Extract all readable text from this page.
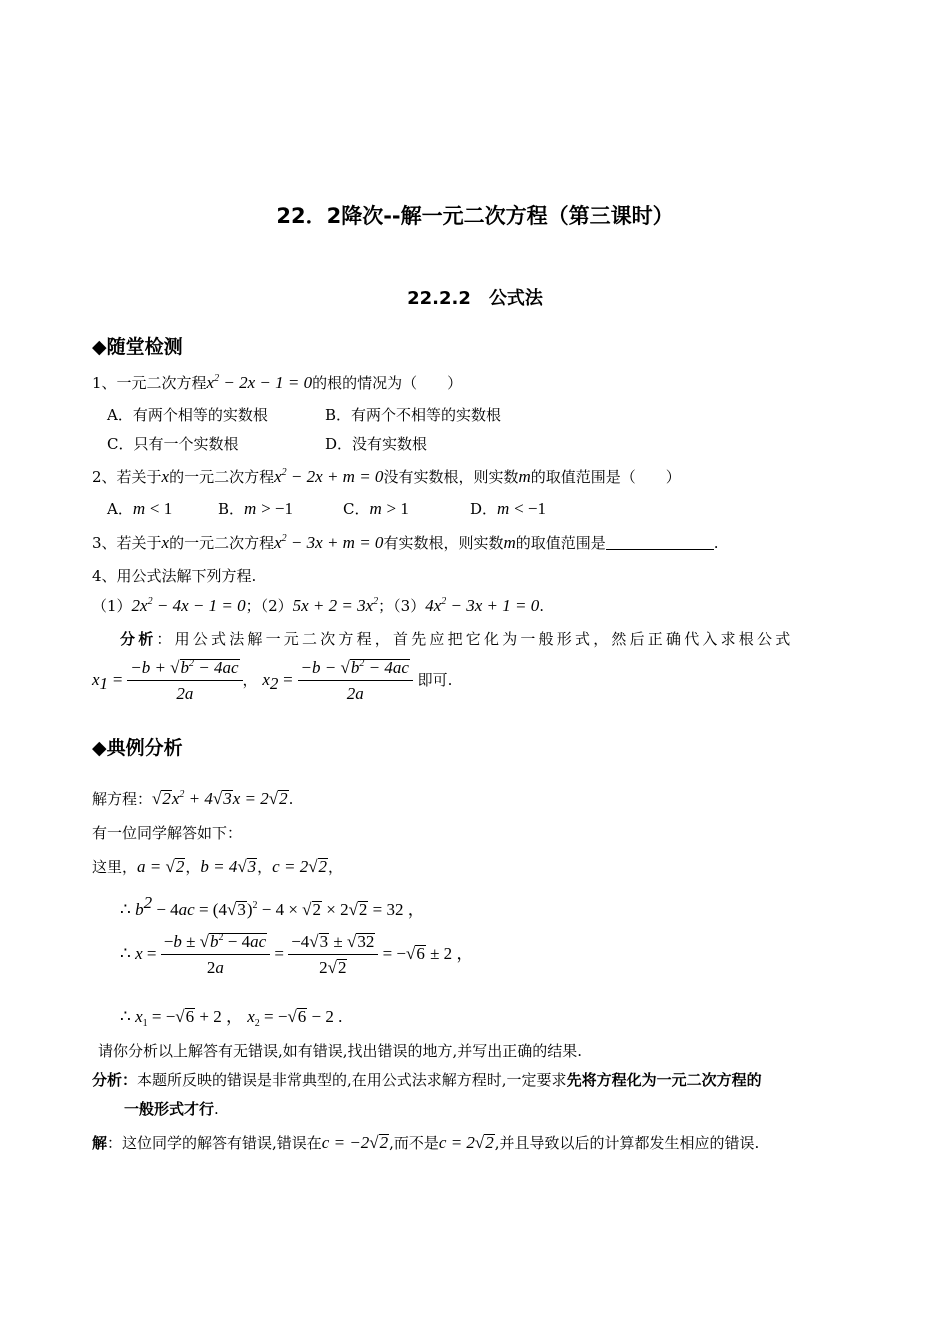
22．2降次--解一元二次方程（第三课时）
22.2.2　公式法
◆随堂检测
1、一元二次方程$x^2 - 2x - 1 = 0$的根的情况为（　　）
A．有两个相等的实数根	B．有两个不相等的实数根
C．只有一个实数根	D．没有实数根
2、若关于x的一元二次方程$x^2 - 2x + m = 0$没有实数根，则实数m的取值范围是（　　）
A．m < 1	B．m > −1	C．m > 1	D．m < −1
3、若关于x的一元二次方程$x^2 - 3x + m = 0$有实数根，则实数m的取值范围是	.
4、用公式法解下列方程.
$(1)2x^2 - 4x - 1 = 0$；$(2)5x + 2 = 3x^2$；$(3)4x^2 - 3x + 1 = 0$.
分析：用公式法解一元二次方程，首先应把它化为一般形式，然后正确代入求根公式
$x_1 = \frac{-b + √b^2 - 4ac}{2a}$ ， $x_2 = \frac{-b - √b^2 - 4ac}{2a}$ 即可.
◆典例分析
解方程：$√2x^2 + 4√3x = 2√2$.
有一位同学解答如下：
这里，a = √2，b = 4√3，c = 2√2，
∴ $b^2 - 4ac = (4√3)^2 - 4 \times √2 \times 2√2 = 32$ ，
∴ $x = \frac{-b \pm √b^2 - 4ac}{2a} = \frac{-4√3 \pm √32}{2√2} = -√6 \pm 2$ ，
∴ $x_1 = -√6 + 2$ ， $x_2 = -√6 - 2$ .
请你分析以上解答有无错误,如有错误,找出错误的地方,并写出正确的结果.
分析：本题所反映的错误是非常典型的,在用公式法求解方程时,一定要求先将方程化为一元二次方程的
一般形式才行.
解：这位同学的解答有错误,错误在c = −2√2,而不是c = 2√2,并且导致以后的计算都发生相应的错误.
